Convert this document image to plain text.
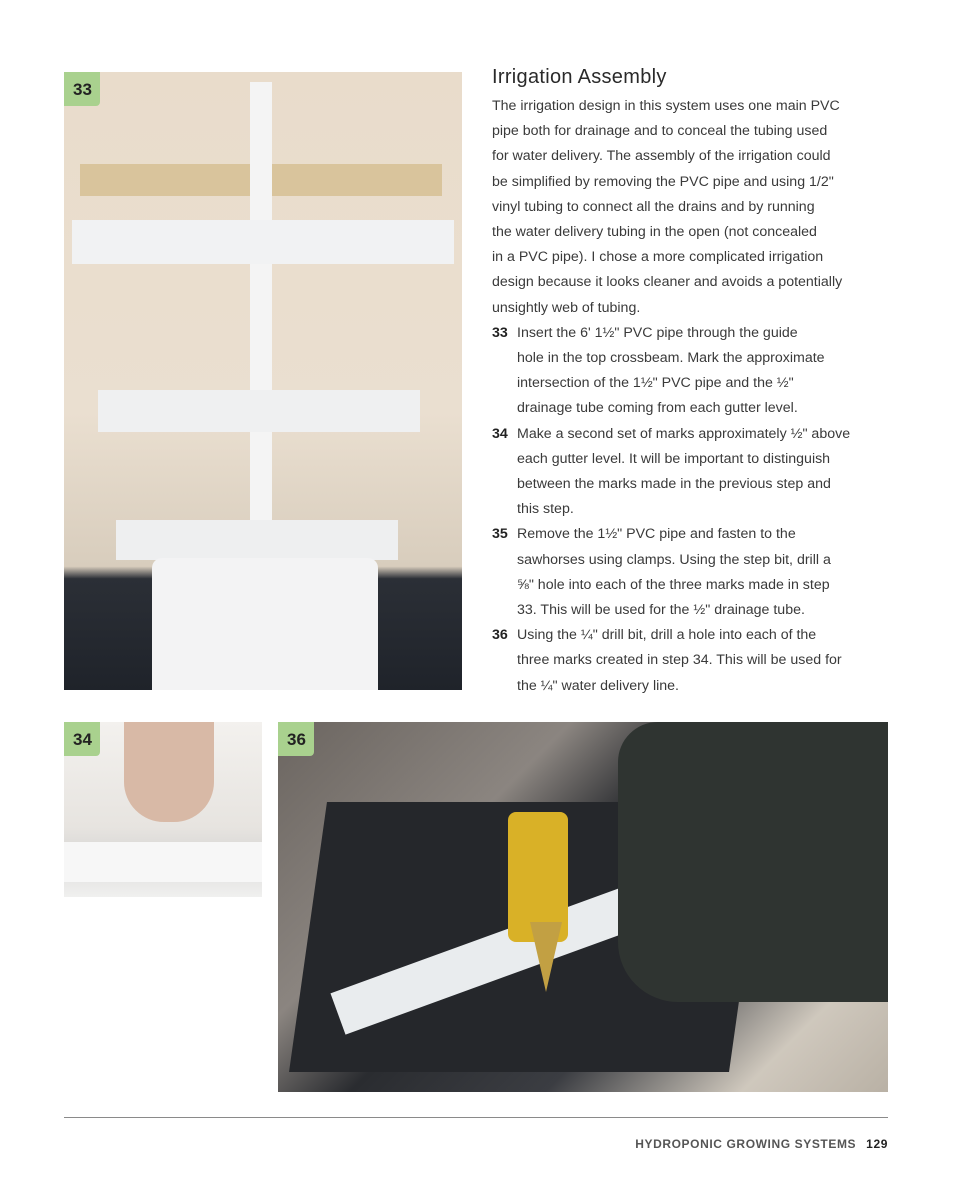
33
34	36
Irrigation Assembly
The irrigation design in this system uses one main PVC
pipe both for drainage and to conceal the tubing used
for water delivery. The assembly of the irrigation could
be simplified by removing the PVC pipe and using 1/2"
vinyl tubing to connect all the drains and by running
the water delivery tubing in the open (not concealed
in a PVC pipe). I chose a more complicated irrigation
design because it looks cleaner and avoids a potentially
unsightly web of tubing.
33 Insert the 6' 1½" PVC pipe through the guide
hole in the top crossbeam. Mark the approximate
intersection of the 1½" PVC pipe and the ½"
drainage tube coming from each gutter level.
34 Make a second set of marks approximately ½" above
each gutter level. It will be important to distinguish
between the marks made in the previous step and
this step.
35 Remove the 1½" PVC pipe and fasten to the
sawhorses using clamps. Using the step bit, drill a
⅝" hole into each of the three marks made in step
33. This will be used for the ½" drainage tube.
36 Using the ¼" drill bit, drill a hole into each of the
three marks created in step 34. This will be used for
the ¼" water delivery line.
HYDROPONIC GROWING SYSTEMS 129
